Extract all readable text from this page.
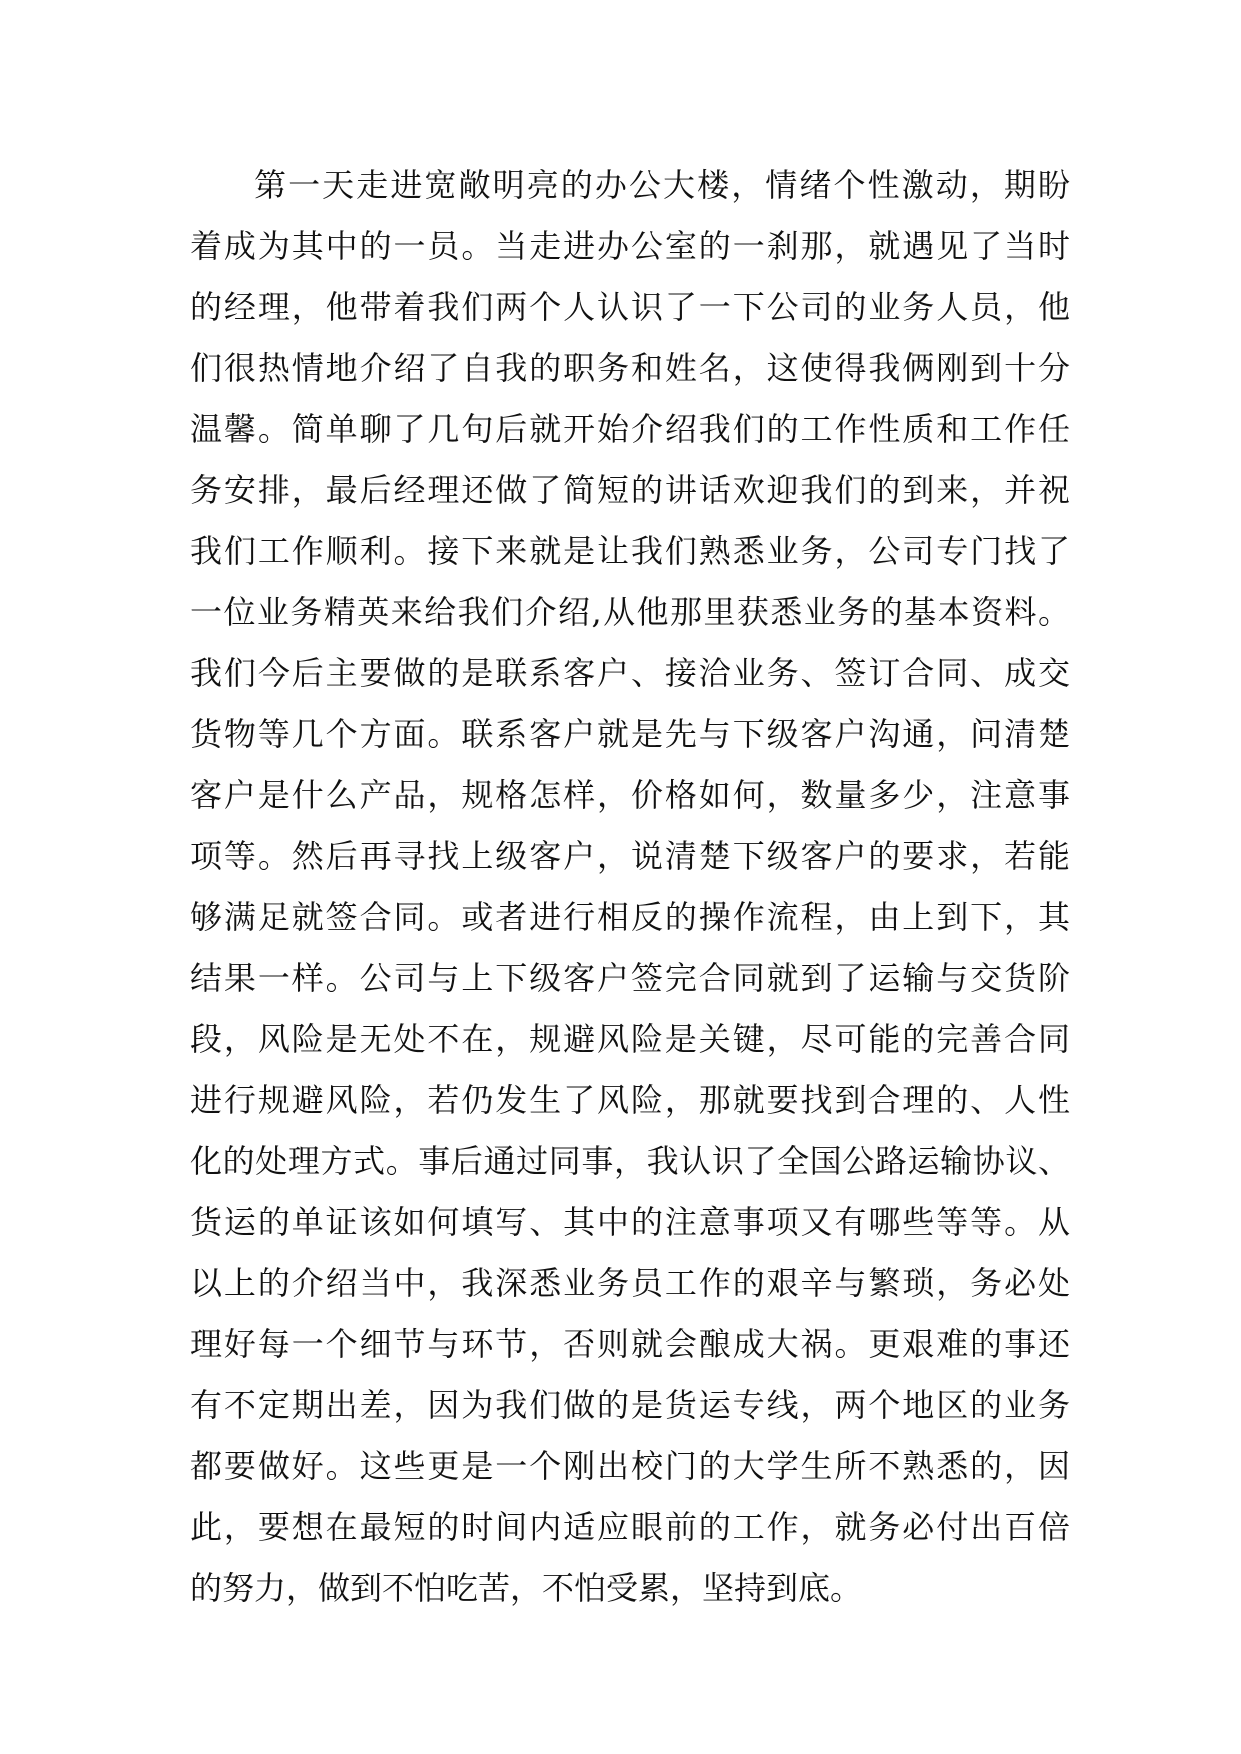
第一天走进宽敞明亮的办公大楼，情绪个性激动，期盼
着成为其中的一员。当走进办公室的一刹那，就遇见了当时
的经理，他带着我们两个人认识了一下公司的业务人员，他
们很热情地介绍了自我的职务和姓名，这使得我俩刚到十分
温馨。简单聊了几句后就开始介绍我们的工作性质和工作任
务安排，最后经理还做了简短的讲话欢迎我们的到来，并祝
我们工作顺利。接下来就是让我们熟悉业务，公司专门找了
一位业务精英来给我们介绍,从他那里获悉业务的基本资料。
我们今后主要做的是联系客户、接洽业务、签订合同、成交
货物等几个方面。联系客户就是先与下级客户沟通，问清楚
客户是什么产品，规格怎样，价格如何，数量多少，注意事
项等。然后再寻找上级客户，说清楚下级客户的要求，若能
够满足就签合同。或者进行相反的操作流程，由上到下，其
结果一样。公司与上下级客户签完合同就到了运输与交货阶
段，风险是无处不在，规避风险是关键，尽可能的完善合同
进行规避风险，若仍发生了风险，那就要找到合理的、人性
化的处理方式。事后通过同事，我认识了全国公路运输协议、
货运的单证该如何填写、其中的注意事项又有哪些等等。从
以上的介绍当中，我深悉业务员工作的艰辛与繁琐，务必处
理好每一个细节与环节，否则就会酿成大祸。更艰难的事还
有不定期出差，因为我们做的是货运专线，两个地区的业务
都要做好。这些更是一个刚出校门的大学生所不熟悉的，因
此，要想在最短的时间内适应眼前的工作，就务必付出百倍
的努力，做到不怕吃苦，不怕受累，坚持到底。
